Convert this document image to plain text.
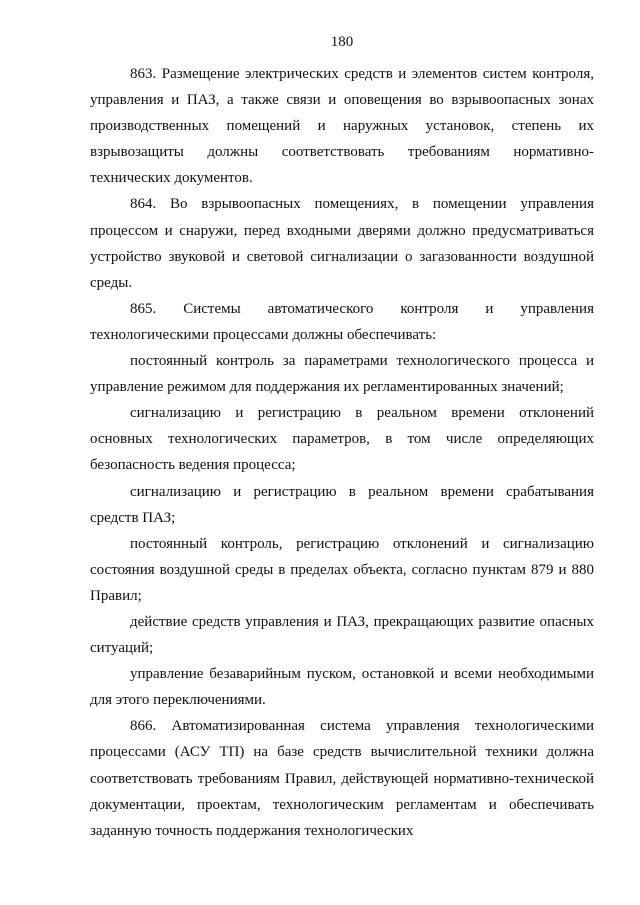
180

863. Размещение электрических средств и элементов систем контроля, управления и ПАЗ, а также связи и оповещения во взрывоопасных зонах производственных помещений и наружных установок, степень их взрывозащиты должны соответствовать требованиям нормативно-технических документов.

864. Во взрывоопасных помещениях, в помещении управления процессом и снаружи, перед входными дверями должно предусматриваться устройство звуковой и световой сигнализации о загазованности воздушной среды.

865. Системы автоматического контроля и управления технологическими процессами должны обеспечивать:

постоянный контроль за параметрами технологического процесса и управление режимом для поддержания их регламентированных значений;

сигнализацию и регистрацию в реальном времени отклонений основных технологических параметров, в том числе определяющих безопасность ведения процесса;

сигнализацию и регистрацию в реальном времени срабатывания средств ПАЗ;

постоянный контроль, регистрацию отклонений и сигнализацию состояния воздушной среды в пределах объекта, согласно пунктам 879 и 880 Правил;

действие средств управления и ПАЗ, прекращающих развитие опасных ситуаций;

управление безаварийным пуском, остановкой и всеми необходимыми для этого переключениями.

866. Автоматизированная система управления технологическими процессами (АСУ ТП) на базе средств вычислительной техники должна соответствовать требованиям Правил, действующей нормативно-технической документации, проектам, технологическим регламентам и обеспечивать заданную точность поддержания технологических
